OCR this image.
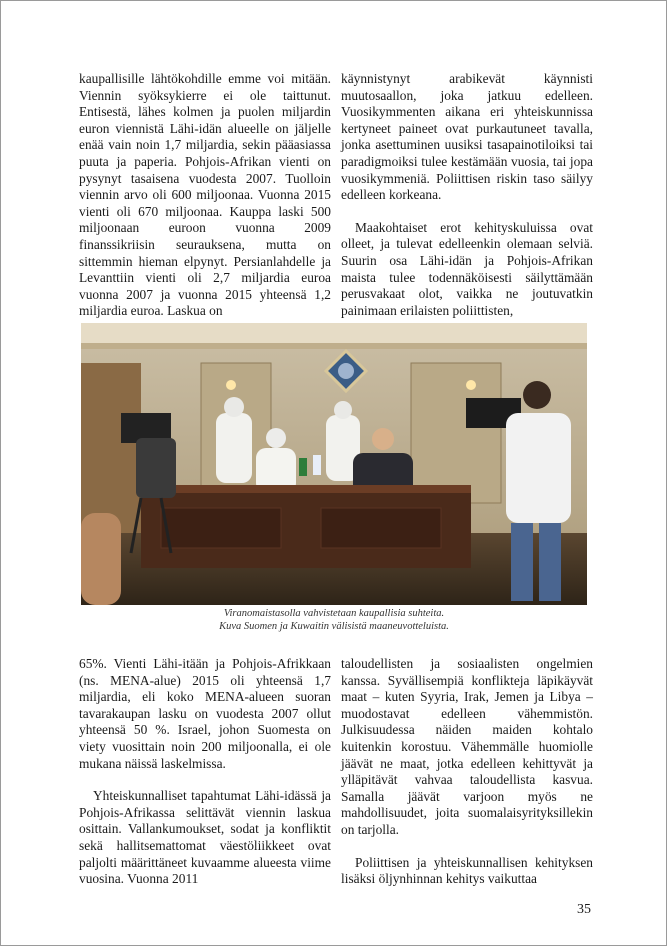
kaupallisille lähtökohdille emme voi mitään. Viennin syöksykierre ei ole taittunut. Entisestä, lähes kolmen ja puolen miljardin euron viennistä Lähi-idän alueelle on jäljelle enää vain noin 1,7 miljardia, sekin pääasiassa puuta ja paperia. Pohjois-Afrikan vienti on pysynyt tasaisena vuodesta 2007. Tuolloin viennin arvo oli 600 miljoonaa. Vuonna 2015 vienti oli 670 miljoonaa. Kauppa laski 500 miljoonaan euroon vuonna 2009 finanssikriisin seurauksena, mutta on sittemmin hieman elpynyt. Persianlahdelle ja Levanttiin vienti oli 2,7 miljardia euroa vuonna 2007 ja vuonna 2015 yhteensä 1,2 miljardia euroa. Laskua on

käynnistynyt arabikevät käynnisti muutosaallon, joka jatkuu edelleen. Vuosikymmenten aikana eri yhteiskunnissa kertyneet paineet ovat purkautuneet tavalla, jonka asettuminen uusiksi tasapainotiloiksi tai paradigmoiksi tulee kestämään vuosia, tai jopa vuosikymmeniä. Poliittisen riskin taso säilyy edelleen korkeana.

Maakohtaiset erot kehityskuluissa ovat olleet, ja tulevat edelleenkin olemaan selviä. Suurin osa Lähi-idän ja Pohjois-Afrikan maista tulee todennäköisesti säilyttämään perusvakaat olot, vaikka ne joutuvatkin painimaan erilaisten poliittisten,

Viranomaistasolla vahvistetaan kaupallisia suhteita.
Kuva Suomen ja Kuwaitin välisistä maaneuvotteluista.

65%. Vienti Lähi-itään ja Pohjois-Afrikkaan (ns. MENA-alue) 2015 oli yhteensä 1,7 miljardia, eli koko MENA-alueen suoran tavarakaupan lasku on vuodesta 2007 ollut yhteensä 50 %. Israel, johon Suomesta on viety vuosittain noin 200 miljoonalla, ei ole mukana näissä laskelmissa.

Yhteiskunnalliset tapahtumat Lähi-idässä ja Pohjois-Afrikassa selittävät viennin laskua osittain. Vallankumoukset, sodat ja konfliktit sekä hallitsemattomat väestöliikkeet ovat paljolti määrittäneet kuvaamme alueesta viime vuosina. Vuonna 2011

taloudellisten ja sosiaalisten ongelmien kanssa. Syvällisempiä konflikteja läpikäyvät maat – kuten Syyria, Irak, Jemen ja Libya – muodostavat edelleen vähemmistön. Julkisuudessa näiden maiden kohtalo kuitenkin korostuu. Vähemmälle huomiolle jäävät ne maat, jotka edelleen kehittyvät ja ylläpitävät vahvaa taloudellista kasvua. Samalla jäävät varjoon myös ne mahdollisuudet, joita suomalaisyrityksillekin on tarjolla.

Poliittisen ja yhteiskunnallisen kehityksen lisäksi öljynhinnan kehitys vaikuttaa

35
